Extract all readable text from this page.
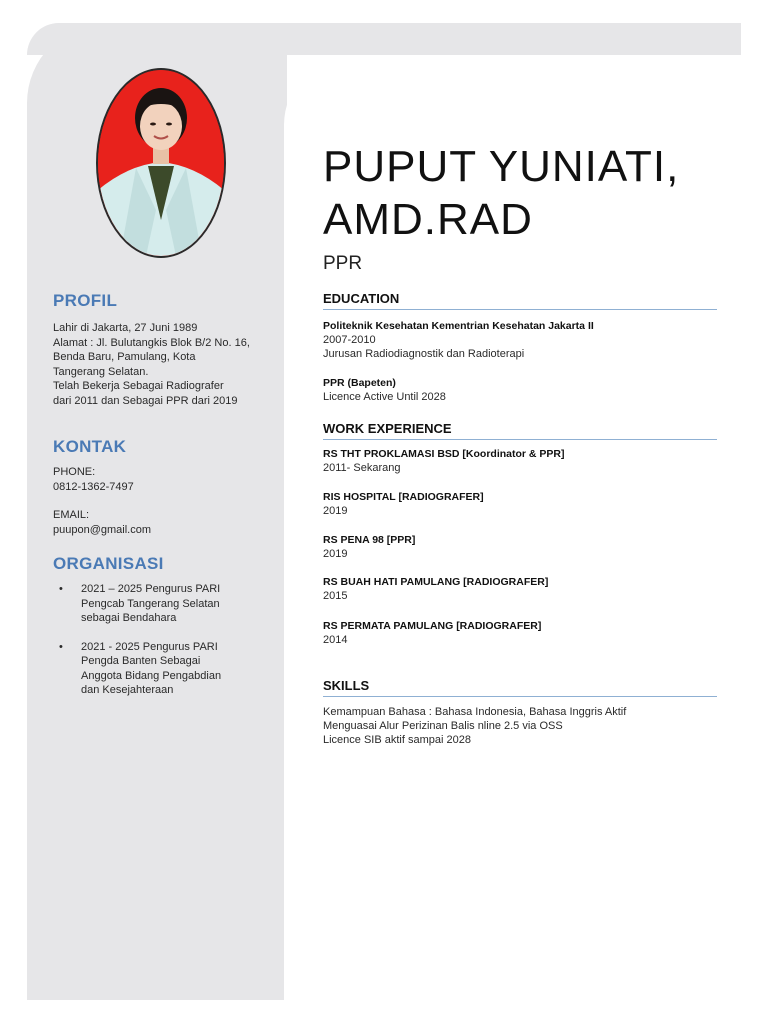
PROFIL
Lahir di Jakarta, 27 Juni 1989
Alamat : Jl. Bulutangkis Blok B/2 No. 16,
Benda Baru, Pamulang, Kota
Tangerang Selatan.
Telah Bekerja Sebagai Radiografer
dari 2011 dan Sebagai PPR dari 2019
KONTAK
PHONE:
0812-1362-7497
EMAIL:
puupon@gmail.com
ORGANISASI
• 2021 – 2025 Pengurus PARI
Pengcab Tangerang Selatan
sebagai Bendahara
• 2021 - 2025 Pengurus PARI
Pengda Banten Sebagai
Anggota Bidang Pengabdian
dan Kesejahteraan
PUPUT YUNIATI,
AMD.RAD

PPR

EDUCATION
Politeknik Kesehatan Kementrian Kesehatan Jakarta II
2007-2010
Jurusan Radiodiagnostik dan Radioterapi
PPR (Bapeten)
Licence Active Until 2028
WORK EXPERIENCE
RS THT PROKLAMASI BSD [Koordinator & PPR]
2011- Sekarang
RIS HOSPITAL [RADIOGRAFER]
2019
RS PENA 98 [PPR]
2019
RS BUAH HATI PAMULANG [RADIOGRAFER]
2015
RS PERMATA PAMULANG [RADIOGRAFER]
2014
SKILLS
Kemampuan Bahasa : Bahasa Indonesia, Bahasa Inggris Aktif
Menguasai Alur Perizinan Balis nline 2.5 via OSS
Licence SIB aktif sampai 2028
